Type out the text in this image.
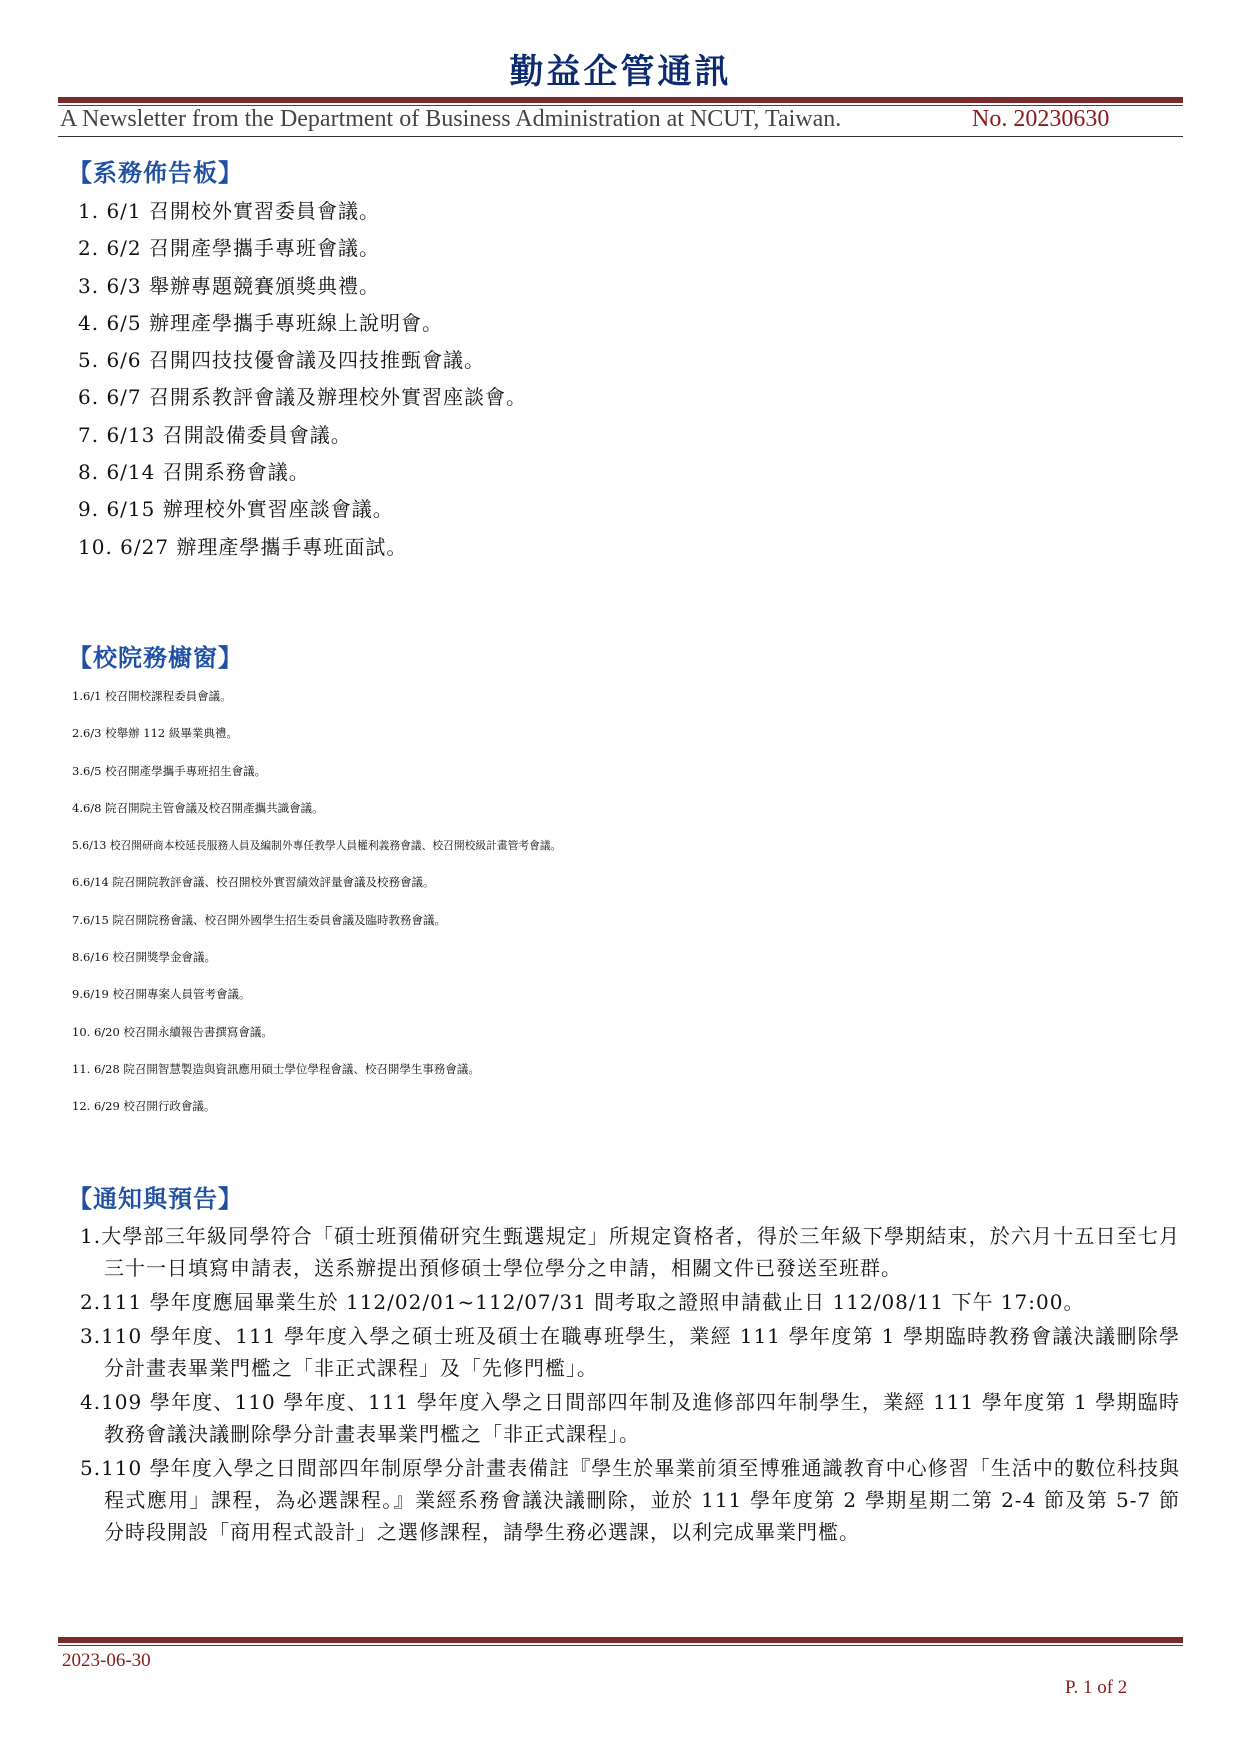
勤益企管通訊
A Newsletter from the Department of Business Administration at NCUT, Taiwan.	No. 20230630
【系務佈告板】
1. 6/1 召開校外實習委員會議。
2. 6/2 召開產學攜手專班會議。
3. 6/3 舉辦專題競賽頒獎典禮。
4. 6/5 辦理產學攜手專班線上說明會。
5. 6/6 召開四技技優會議及四技推甄會議。
6. 6/7 召開系教評會議及辦理校外實習座談會。
7. 6/13 召開設備委員會議。
8. 6/14 召開系務會議。
9. 6/15 辦理校外實習座談會議。
10. 6/27 辦理產學攜手專班面試。
【校院務櫥窗】
1.6/1 校召開校課程委員會議。
2.6/3 校舉辦 112 級畢業典禮。
3.6/5 校召開產學攜手專班招生會議。
4.6/8 院召開院主管會議及校召開產攜共識會議。
5.6/13 校召開研商本校延長服務人員及編制外專任教學人員權利義務會議、校召開校級計畫管考會議。
6.6/14 院召開院教評會議、校召開校外實習績效評量會議及校務會議。
7.6/15 院召開院務會議、校召開外國學生招生委員會議及臨時教務會議。
8.6/16 校召開獎學金會議。
9.6/19 校召開專案人員管考會議。
10. 6/20 校召開永續報告書撰寫會議。
11. 6/28 院召開智慧製造與資訊應用碩士學位學程會議、校召開學生事務會議。
12. 6/29 校召開行政會議。
【通知與預告】
1.大學部三年級同學符合「碩士班預備研究生甄選規定」所規定資格者，得於三年級下學期結束，於六月十五日至七月三十一日填寫申請表，送系辦提出預修碩士學位學分之申請，相關文件已發送至班群。
2.111 學年度應屆畢業生於 112/02/01~112/07/31 間考取之證照申請截止日 112/08/11 下午 17:00。
3.110 學年度、111 學年度入學之碩士班及碩士在職專班學生，業經 111 學年度第 1 學期臨時教務會議決議刪除學分計畫表畢業門檻之「非正式課程」及「先修門檻」。
4.109 學年度、110 學年度、111 學年度入學之日間部四年制及進修部四年制學生，業經 111 學年度第 1 學期臨時教務會議決議刪除學分計畫表畢業門檻之「非正式課程」。
5.110 學年度入學之日間部四年制原學分計畫表備註『學生於畢業前須至博雅通識教育中心修習「生活中的數位科技與程式應用」課程，為必選課程。』業經系務會議決議刪除，並於 111 學年度第 2 學期星期二第 2-4 節及第 5-7 節分時段開設「商用程式設計」之選修課程，請學生務必選課，以利完成畢業門檻。
2023-06-30
P. 1 of 2
